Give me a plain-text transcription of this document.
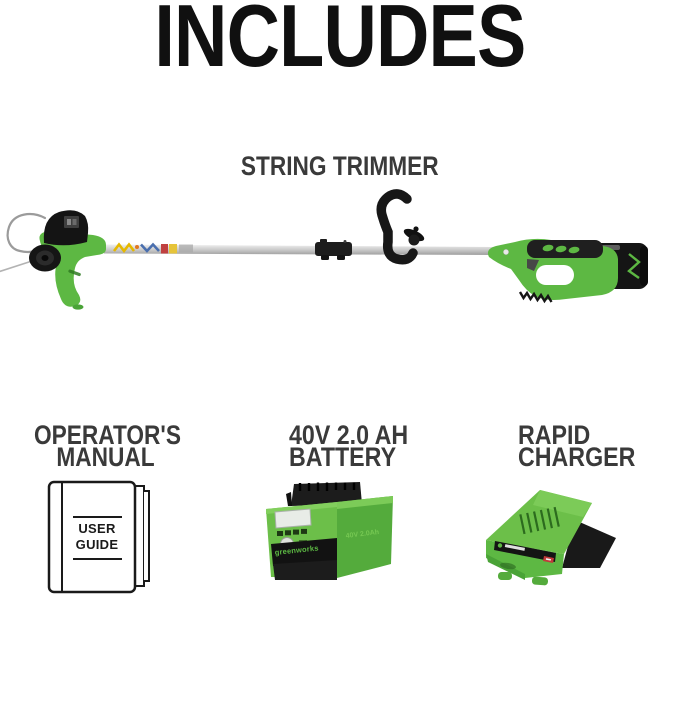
INCLUDES
STRING TRIMMER
OPERATOR'S
MANUAL
40V 2.0 AH
BATTERY
RAPID
CHARGER
USER
GUIDE
40V 2.0Ah
greenworks
